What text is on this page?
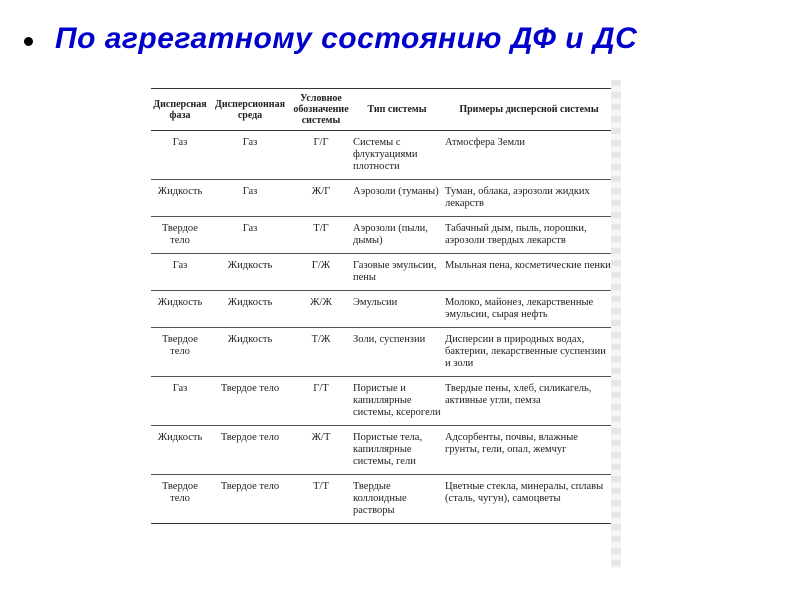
По агрегатному состоянию ДФ и ДС
Дисперсная фаза	Дисперсионная среда	Условное обозначение системы	Тип системы	Примеры дисперсной системы
Газ	Газ	Г/Г	Системы с флуктуациями плотности	Атмосфера Земли
Жидкость	Газ	Ж/Г	Аэрозоли (туманы)	Туман, облака, аэрозоли жидких лекарств
Твердое тело	Газ	Т/Г	Аэрозоли (пыли, дымы)	Табачный дым, пыль, порошки, аэрозоли твердых лекарств
Газ	Жидкость	Г/Ж	Газовые эмульсии, пены	Мыльная пена, косметические пенки
Жидкость	Жидкость	Ж/Ж	Эмульсии	Молоко, майонез, лекарственные эмульсии, сырая нефть
Твердое тело	Жидкость	Т/Ж	Золи, суспензии	Дисперсии в природных водах, бактерии, лекарственные суспензии и золи
Газ	Твердое тело	Г/Т	Пористые и капиллярные системы, ксерогели	Твердые пены, хлеб, силикагель, активные угли, пемза
Жидкость	Твердое тело	Ж/Т	Пористые тела, капиллярные системы, гели	Адсорбенты, почвы, влажные грунты, гели, опал, жемчуг
Твердое тело	Твердое тело	Т/Т	Твердые коллоидные растворы	Цветные стекла, минералы, сплавы (сталь, чугун), самоцветы
